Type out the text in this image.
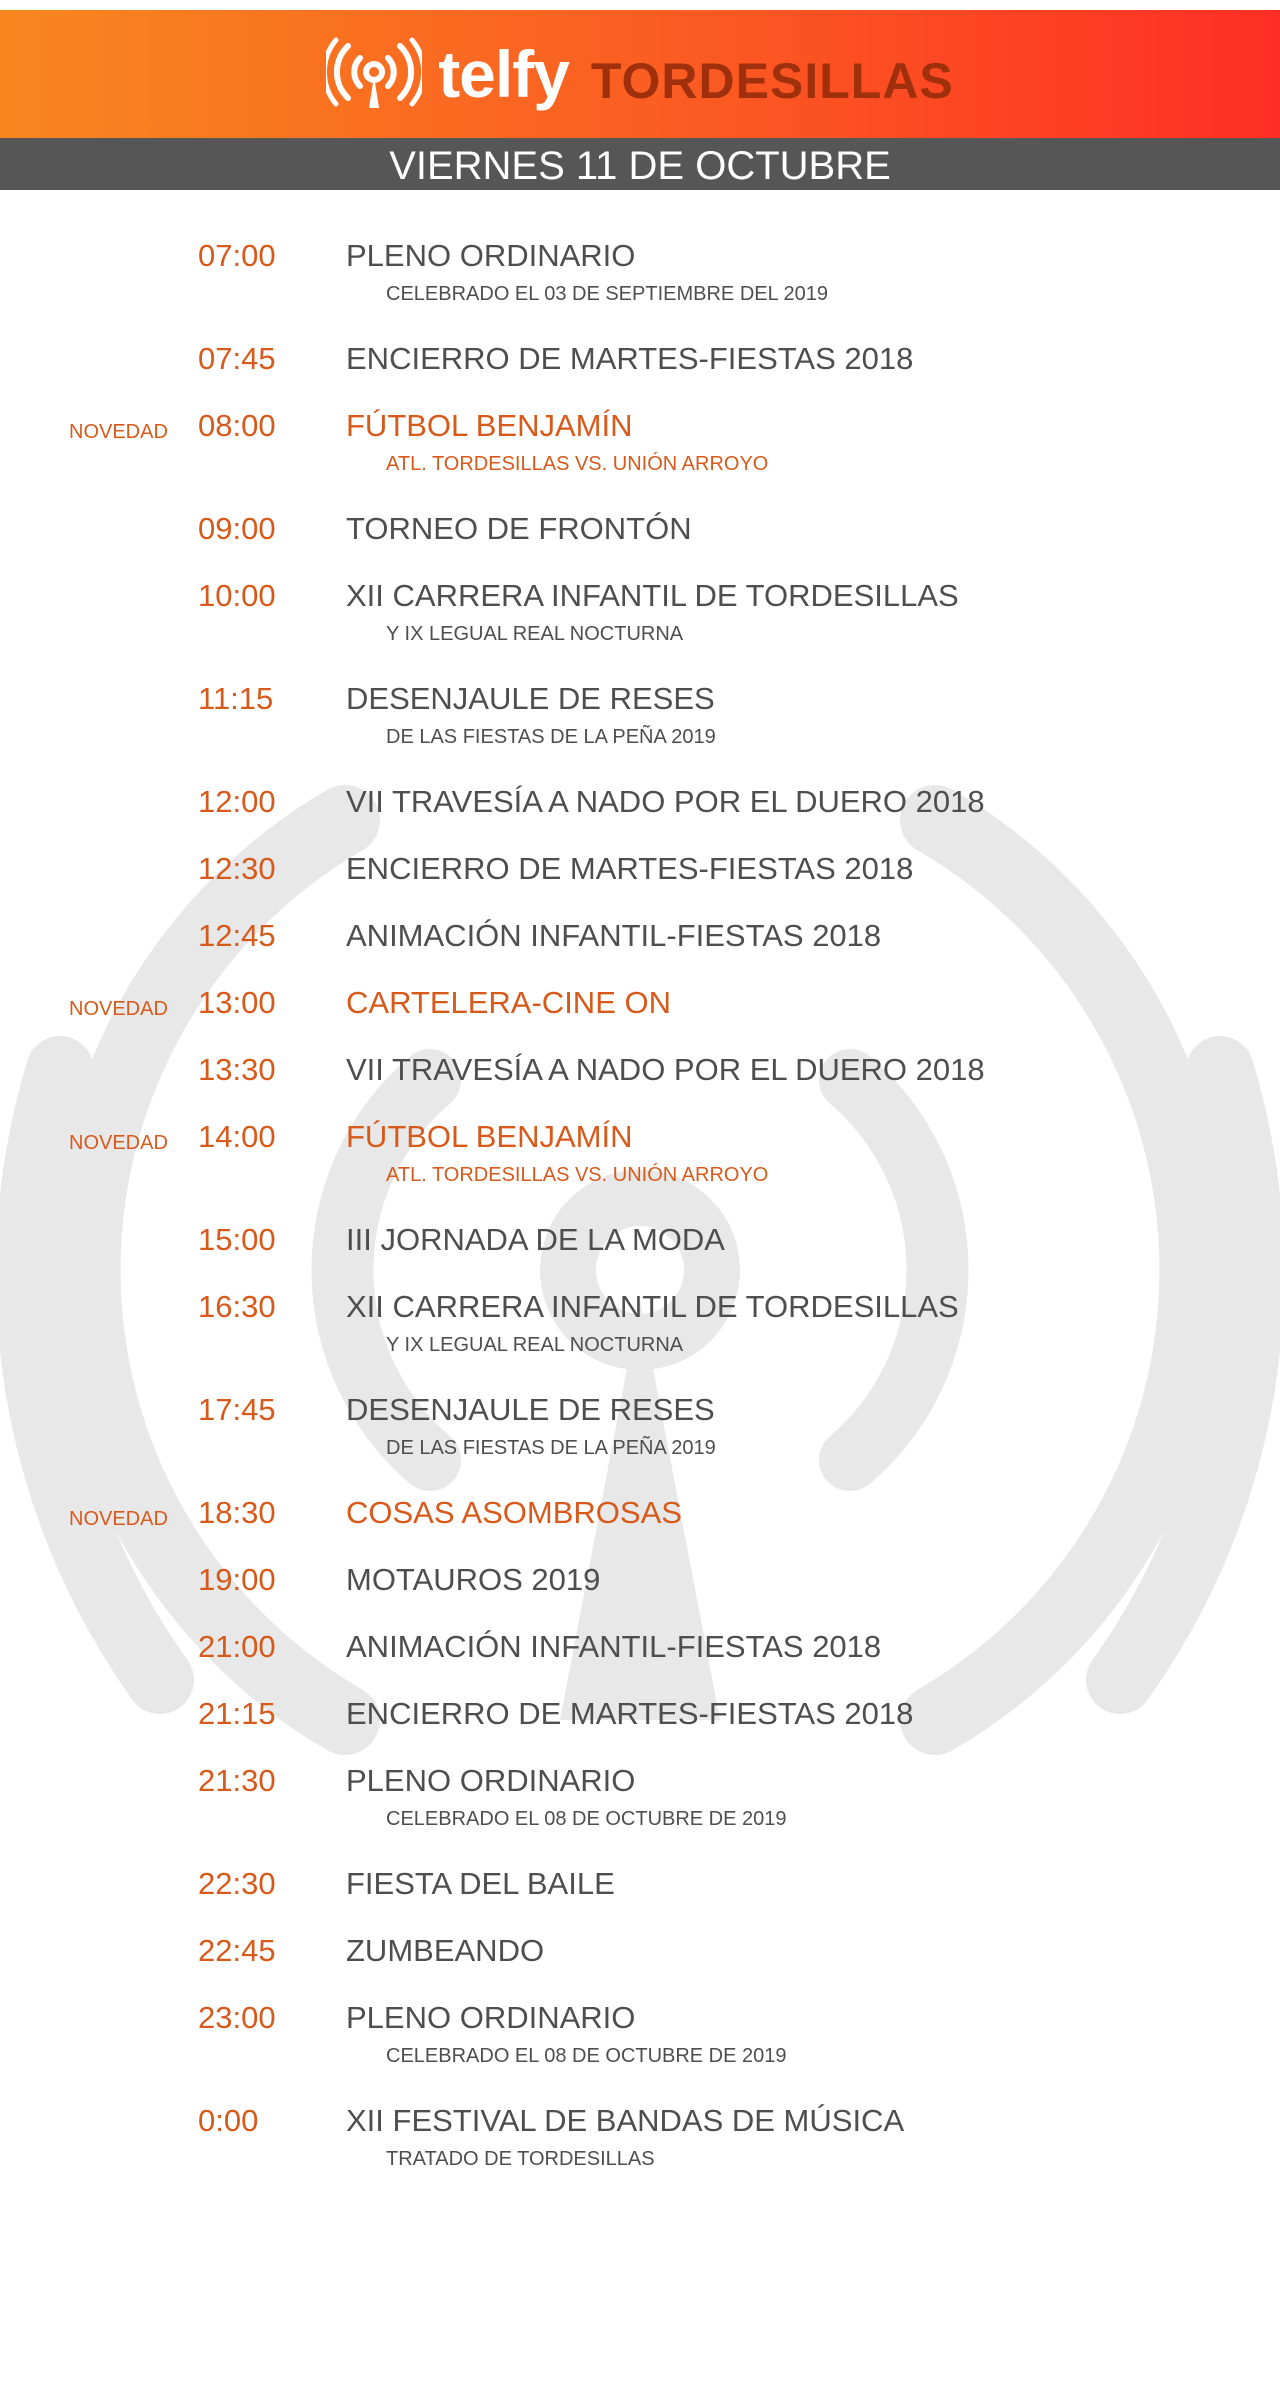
telfy TORDESILLAS
VIERNES 11 DE OCTUBRE
07:00 PLENO ORDINARIO
CELEBRADO EL 03 DE SEPTIEMBRE DEL 2019
07:45 ENCIERRO DE MARTES-FIESTAS 2018
NOVEDAD 08:00 FÚTBOL BENJAMÍN
ATL. TORDESILLAS VS. UNIÓN ARROYO
09:00 TORNEO DE FRONTÓN
10:00 XII CARRERA INFANTIL DE TORDESILLAS
Y IX LEGUAL REAL NOCTURNA
11:15 DESENJAULE DE RESES
DE LAS FIESTAS DE LA PEÑA 2019
12:00 VII TRAVESÍA A NADO POR EL DUERO 2018
12:30 ENCIERRO DE MARTES-FIESTAS 2018
12:45 ANIMACIÓN INFANTIL-FIESTAS 2018
NOVEDAD 13:00 CARTELERA-CINE ON
13:30 VII TRAVESÍA A NADO POR EL DUERO 2018
NOVEDAD 14:00 FÚTBOL BENJAMÍN
ATL. TORDESILLAS VS. UNIÓN ARROYO
15:00 III JORNADA DE LA MODA
16:30 XII CARRERA INFANTIL DE TORDESILLAS
Y IX LEGUAL REAL NOCTURNA
17:45 DESENJAULE DE RESES
DE LAS FIESTAS DE LA PEÑA 2019
NOVEDAD 18:30 COSAS ASOMBROSAS
19:00 MOTAUROS 2019
21:00 ANIMACIÓN INFANTIL-FIESTAS 2018
21:15 ENCIERRO DE MARTES-FIESTAS 2018
21:30 PLENO ORDINARIO
CELEBRADO EL 08 DE OCTUBRE DE 2019
22:30 FIESTA DEL BAILE
22:45 ZUMBEANDO
23:00 PLENO ORDINARIO
CELEBRADO EL 08 DE OCTUBRE DE 2019
0:00	XII FESTIVAL DE BANDAS DE MÚSICA
TRATADO DE TORDESILLAS
